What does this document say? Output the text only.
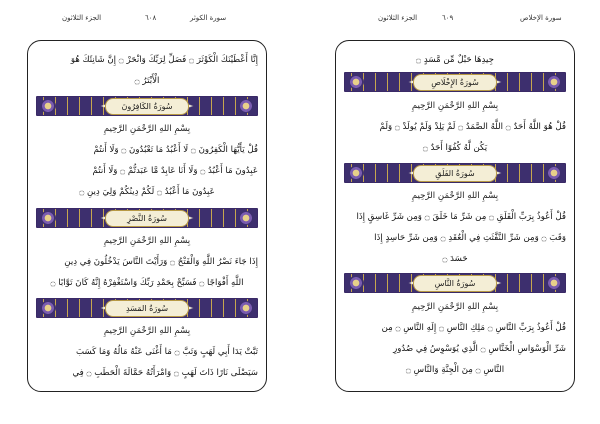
سورة الكوثر
٦٠٨
الجزء الثلاثون	سورة الإخلاص
٦٠٩
الجزء الثلاثون
إِنَّا أَعْطَيْنَكَ الْكَوْثَرَ ۝ فَصَلِّ لِرَبِّكَ وَانْحَرْ ۝ إِنَّ شَانِئَكَ هُوَ
الْأَبْتَرُ ۝
سُورَةُ الكَافِرُونَ
بِسْمِ اللهِ الرَّحْمَنِ الرَّحِيمِ
قُلْ يَأَيُّهَا الْكَفِرُونَ ۝ لَا أَعْبُدُ مَا تَعْبُدُونَ ۝ وَلَا أَنتُمْ
عَبِدُونَ مَا أَعْبُدُ ۝ وَلَا أَنَا عَابِدٌ مَّا عَبَدتُّمْ ۝ وَلَا أَنتُمْ
عَبِدُونَ مَا أَعْبُدُ ۝ لَكُمْ دِينُكُمْ وَلِيَ دِينِ ۝
سُورَةُ النَّصْرِ
بِسْمِ اللهِ الرَّحْمَنِ الرَّحِيمِ
إِذَا جَاءَ نَصْرُ اللَّهِ وَالْفَتْحُ ۝ وَرَأَيْتَ النَّاسَ يَدْخُلُونَ فِي دِينِ
اللَّهِ أَفْوَاجًا ۝ فَسَبِّحْ بِحَمْدِ رَبِّكَ وَاسْتَغْفِرْهُ إِنَّهُ كَانَ تَوَّابًا ۝
سُورَةُ المَسَدِ
بِسْمِ اللهِ الرَّحْمَنِ الرَّحِيمِ
تَبَّتْ يَدَا أَبِي لَهَبٍ وَتَبَّ ۝ مَا أَغْنَى عَنْهُ مَالُهُ وَمَا كَسَبَ
سَيَصْلَى نَارًا ذَاتَ لَهَبٍ ۝ وَامْرَأَتُهُ حَمَّالَةَ الْحَطَبِ ۝ فِي
جِيدِهَا حَبْلٌ مِّن مَّسَدٍ ۝
سُورَةُ الإِخْلَاصِ
بِسْمِ اللهِ الرَّحْمَنِ الرَّحِيمِ
قُلْ هُوَ اللَّهُ أَحَدٌ ۝ اللَّهُ الصَّمَدُ ۝ لَمْ يَلِدْ وَلَمْ يُولَدْ ۝ وَلَمْ
يَكُن لَّهُ كُفُوًا أَحَدٌ ۝
سُورَةُ الفَلَقِ
بِسْمِ اللهِ الرَّحْمَنِ الرَّحِيمِ
قُلْ أَعُوذُ بِرَبِّ الْفَلَقِ ۝ مِن شَرِّ مَا خَلَقَ ۝ وَمِن شَرِّ غَاسِقٍ إِذَا
وَقَبَ ۝ وَمِن شَرِّ النَّفَّثَتِ فِي الْعُقَدِ ۝ وَمِن شَرِّ حَاسِدٍ إِذَا
حَسَدَ ۝
سُورَةُ النَّاسِ
بِسْمِ اللهِ الرَّحْمَنِ الرَّحِيمِ
قُلْ أَعُوذُ بِرَبِّ النَّاسِ ۝ مَلِكِ النَّاسِ ۝ إِلَهِ النَّاسِ ۝ مِن
شَرِّ الْوَسْوَاسِ الْخَنَّاسِ ۝ الَّذِي يُوَسْوِسُ فِي صُدُورِ
النَّاسِ ۝ مِنَ الْجِنَّةِ وَالنَّاسِ ۝
